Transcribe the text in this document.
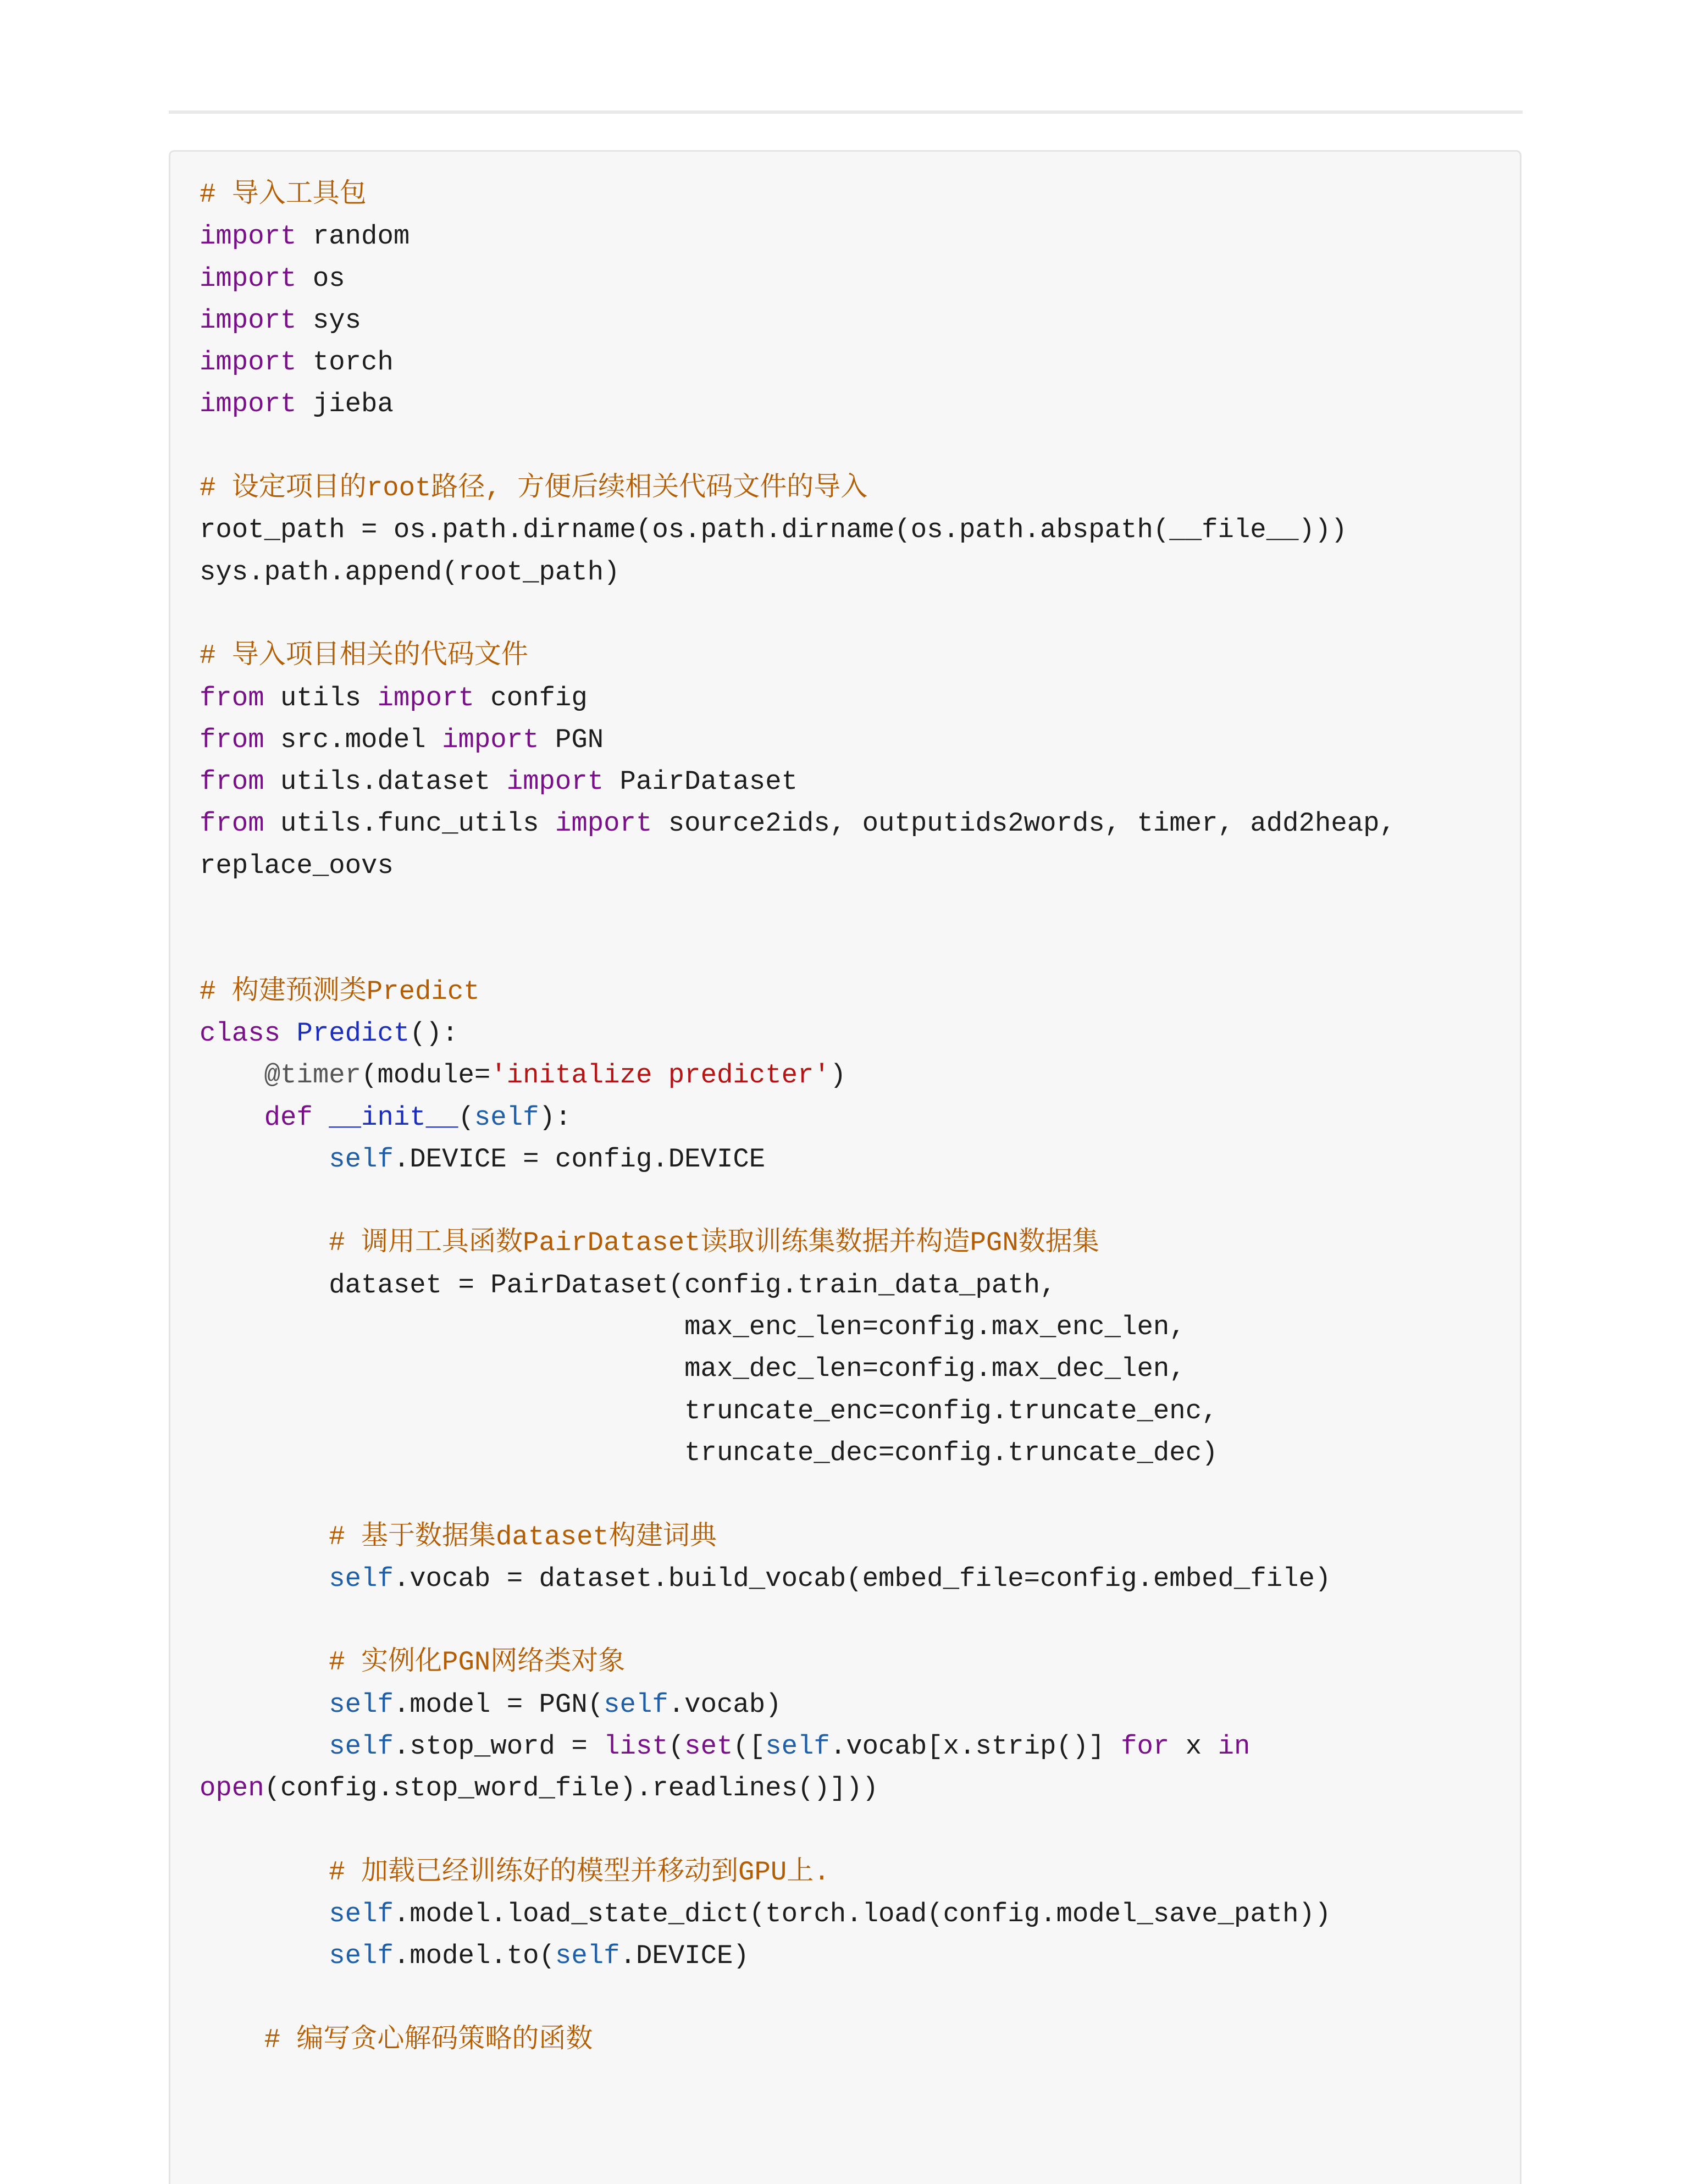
# 导入工具包
import random
import os
import sys
import torch
import jieba
# 设定项目的root路径, 方便后续相关代码文件的导入
root_path = os.path.dirname(os.path.dirname(os.path.abspath(__file__)))
sys.path.append(root_path)
# 导入项目相关的代码文件
from utils import config
from src.model import PGN
from utils.dataset import PairDataset
from utils.func_utils import source2ids, outputids2words, timer, add2heap,
replace_oovs
# 构建预测类Predict
class Predict():
@timer(module='initalize predicter')
def __init__(self):
self.DEVICE = config.DEVICE
# 调用工具函数PairDataset读取训练集数据并构造PGN数据集
dataset = PairDataset(config.train_data_path,
max_enc_len=config.max_enc_len,
max_dec_len=config.max_dec_len,
truncate_enc=config.truncate_enc,
truncate_dec=config.truncate_dec)
# 基于数据集dataset构建词典
self.vocab = dataset.build_vocab(embed_file=config.embed_file)
# 实例化PGN网络类对象
self.model = PGN(self.vocab)
self.stop_word = list(set([self.vocab[x.strip()] for x in
open(config.stop_word_file).readlines()]))
# 加载已经训练好的模型并移动到GPU上.
self.model.load_state_dict(torch.load(config.model_save_path))
self.model.to(self.DEVICE)
# 编写贪心解码策略的函数
